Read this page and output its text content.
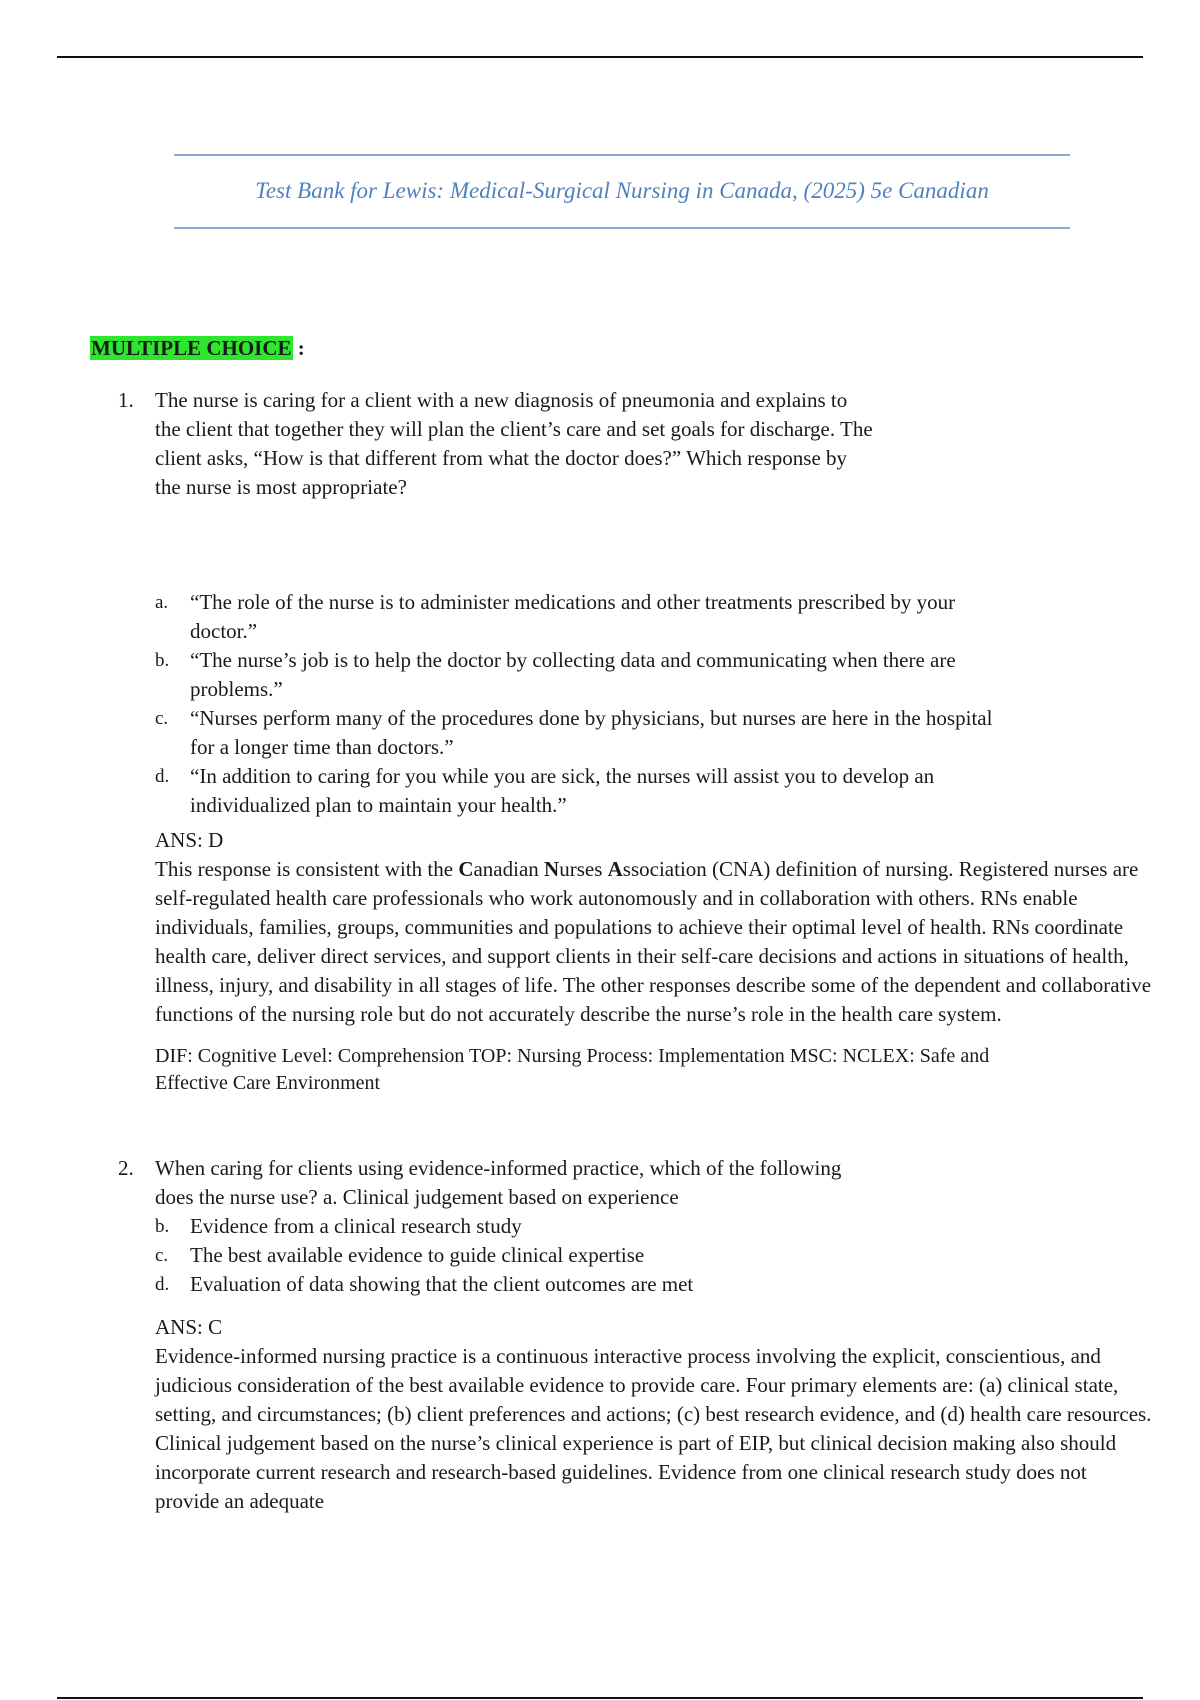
Test Bank for Lewis: Medical-Surgical Nursing in Canada, (2025) 5e Canadian
MULTIPLE CHOICE :
1.	The nurse is caring for a client with a new diagnosis of pneumonia and explains to the client that together they will plan the client’s care and set goals for discharge. The client asks, “How is that different from what the doctor does?” Which response by the nurse is most appropriate?
a. “The role of the nurse is to administer medications and other treatments prescribed by your doctor.”
b. “The nurse’s job is to help the doctor by collecting data and communicating when there are problems.”
c. “Nurses perform many of the procedures done by physicians, but nurses are here in the hospital for a longer time than doctors.”
d. “In addition to caring for you while you are sick, the nurses will assist you to develop an individualized plan to maintain your health.”
ANS: D
This response is consistent with the Canadian Nurses Association (CNA) definition of nursing. Registered nurses are self-regulated health care professionals who work autonomously and in collaboration with others. RNs enable individuals, families, groups, communities and populations to achieve their optimal level of health. RNs coordinate health care, deliver direct services, and support clients in their self-care decisions and actions in situations of health, illness, injury, and disability in all stages of life. The other responses describe some of the dependent and collaborative functions of the nursing role but do not accurately describe the nurse’s role in the health care system.
DIF: Cognitive Level: Comprehension TOP: Nursing Process: Implementation MSC: NCLEX: Safe and Effective Care Environment
2.	When caring for clients using evidence-informed practice, which of the following does the nurse use? a. Clinical judgement based on experience
b. Evidence from a clinical research study
c. The best available evidence to guide clinical expertise
d. Evaluation of data showing that the client outcomes are met
ANS: C
Evidence-informed nursing practice is a continuous interactive process involving the explicit, conscientious, and judicious consideration of the best available evidence to provide care. Four primary elements are: (a) clinical state, setting, and circumstances; (b) client preferences and actions; (c) best research evidence, and (d) health care resources. Clinical judgement based on the nurse’s clinical experience is part of EIP, but clinical decision making also should incorporate current research and research-based guidelines. Evidence from one clinical research study does not provide an adequate
